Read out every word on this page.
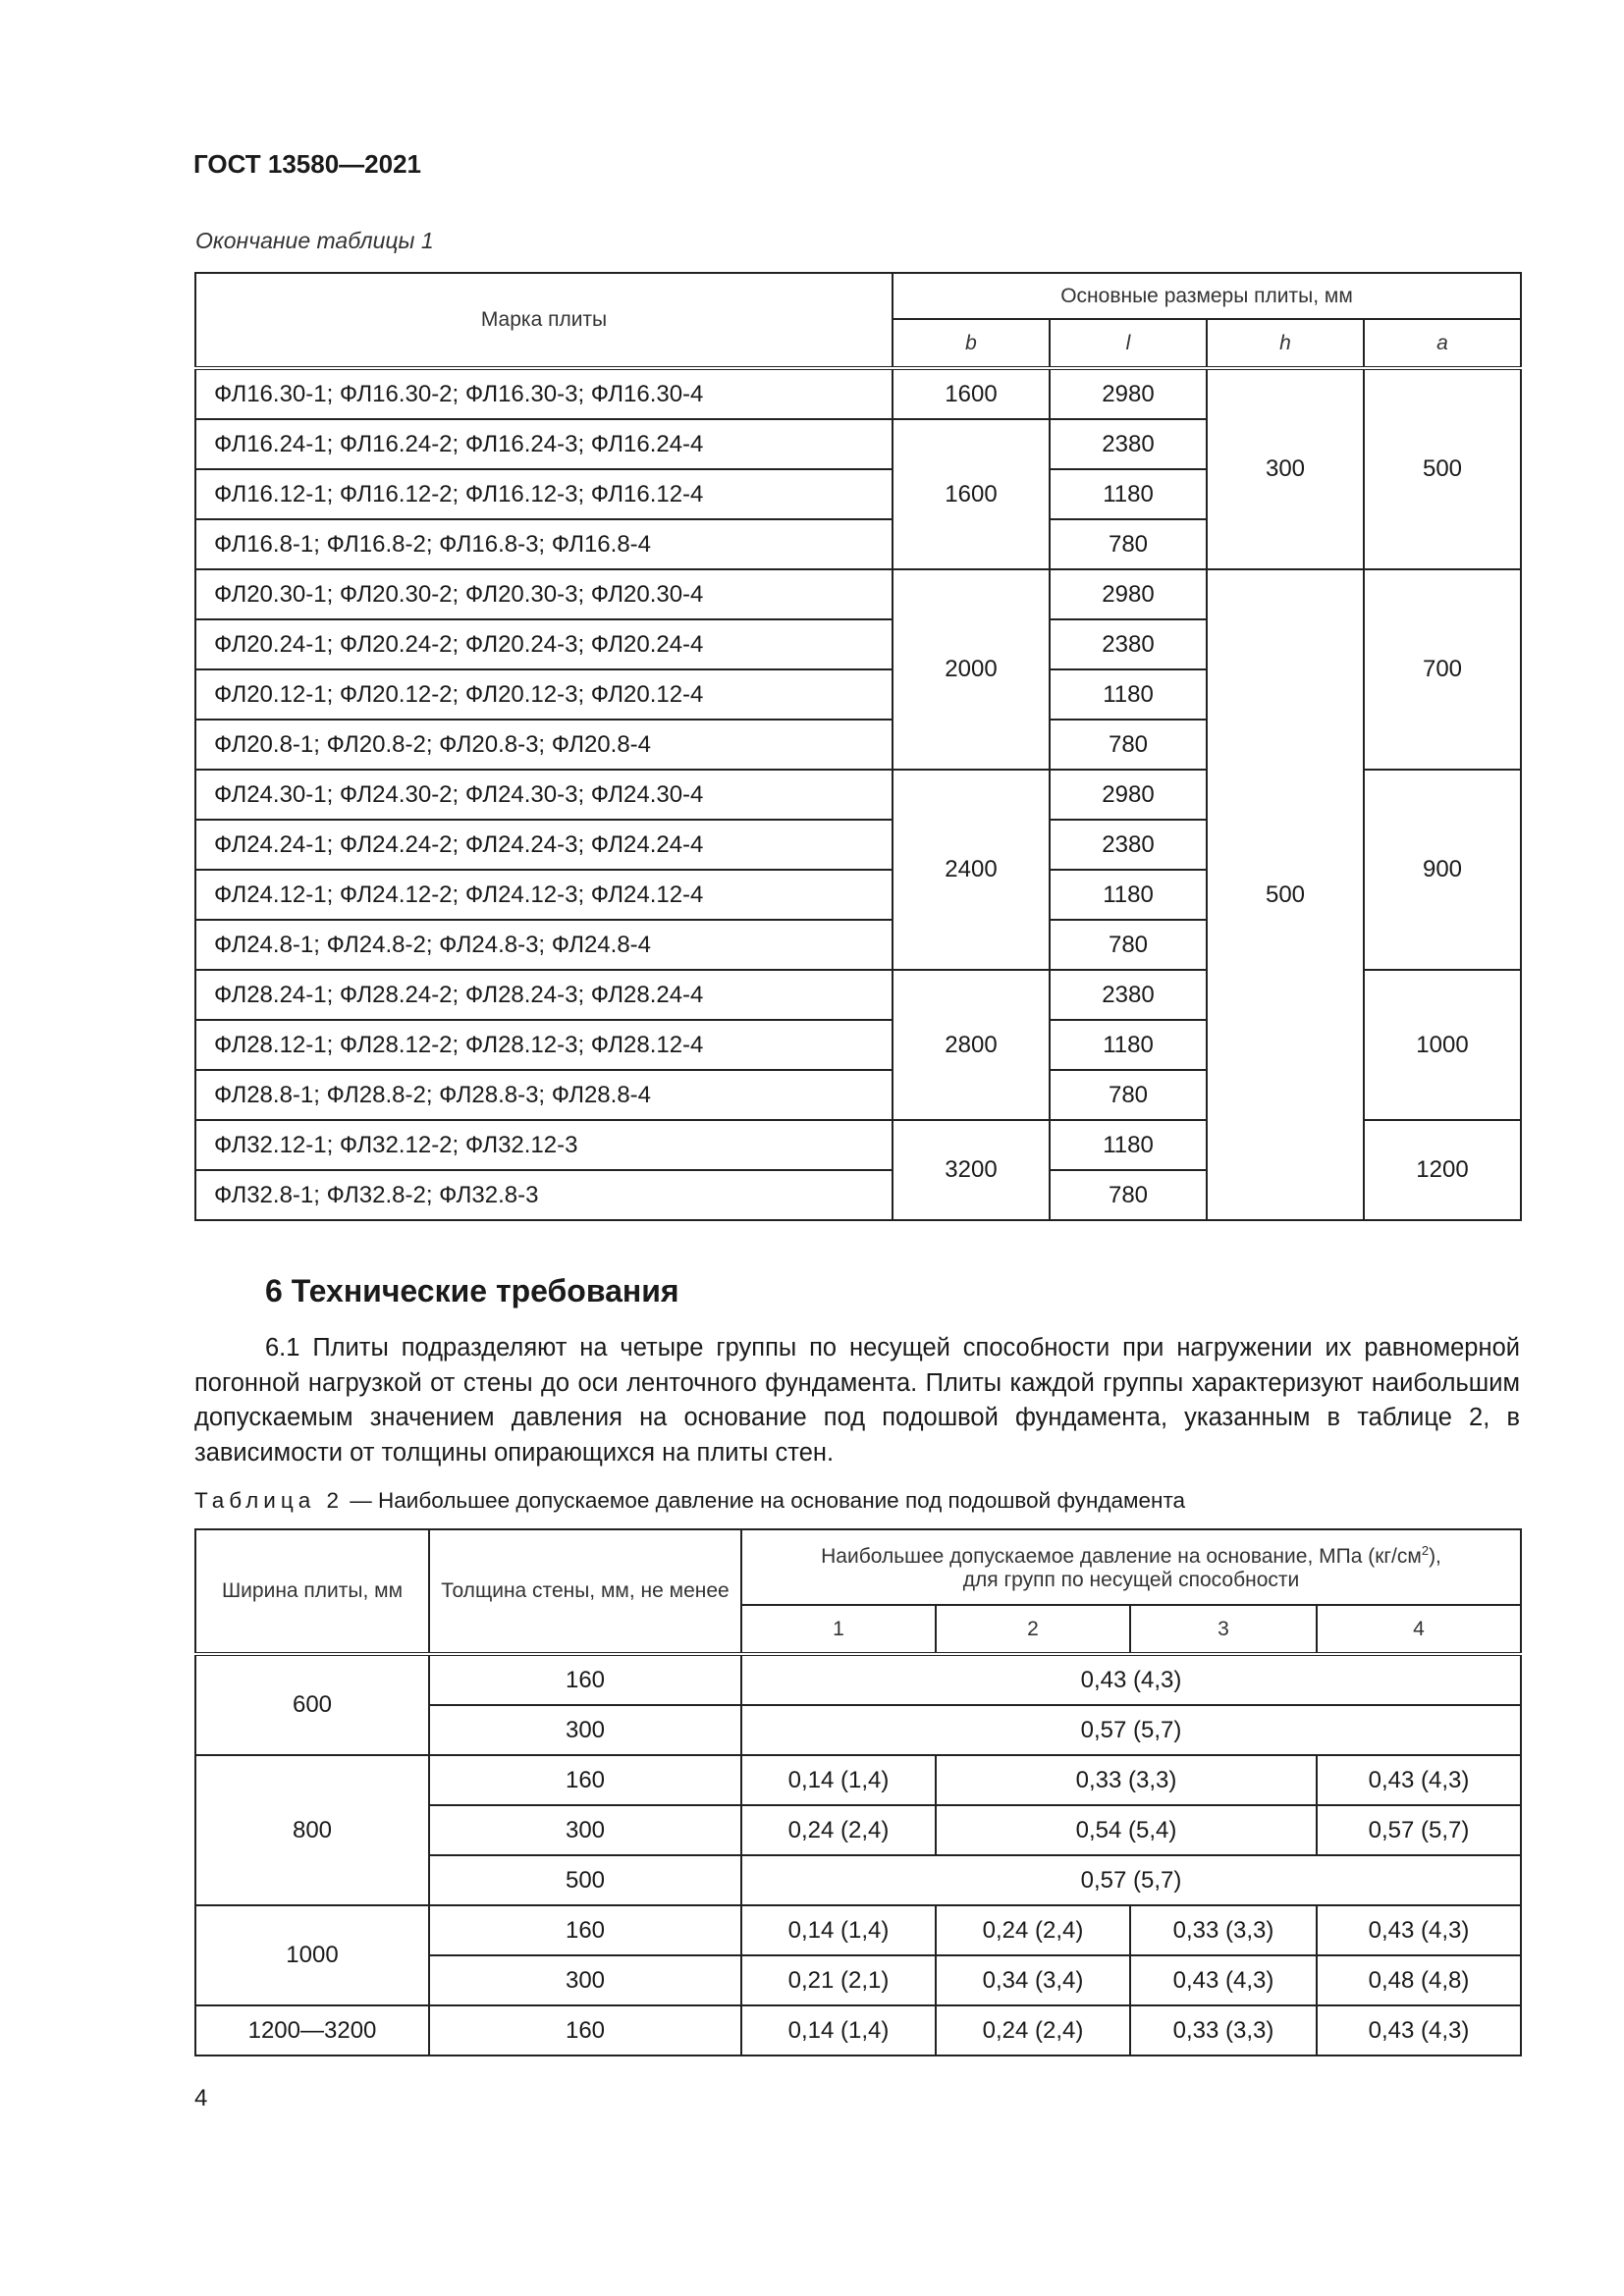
ГОСТ 13580—2021
Окончание таблицы 1
Марка плиты	Основные размеры плиты, мм			
	b	l	h	a
ФЛ16.30-1; ФЛ16.30-2; ФЛ16.30-3; ФЛ16.30-4	1600	2980	300	500
ФЛ16.24-1; ФЛ16.24-2; ФЛ16.24-3; ФЛ16.24-4	1600	2380		
ФЛ16.12-1; ФЛ16.12-2; ФЛ16.12-3; ФЛ16.12-4		1180		
ФЛ16.8-1; ФЛ16.8-2; ФЛ16.8-3; ФЛ16.8-4		780		
ФЛ20.30-1; ФЛ20.30-2; ФЛ20.30-3; ФЛ20.30-4	2000	2980	500	700
ФЛ20.24-1; ФЛ20.24-2; ФЛ20.24-3; ФЛ20.24-4		2380		
ФЛ20.12-1; ФЛ20.12-2; ФЛ20.12-3; ФЛ20.12-4		1180		
ФЛ20.8-1; ФЛ20.8-2; ФЛ20.8-3; ФЛ20.8-4		780		
ФЛ24.30-1; ФЛ24.30-2; ФЛ24.30-3; ФЛ24.30-4	2400	2980		900
ФЛ24.24-1; ФЛ24.24-2; ФЛ24.24-3; ФЛ24.24-4		2380		
ФЛ24.12-1; ФЛ24.12-2; ФЛ24.12-3; ФЛ24.12-4		1180		
ФЛ24.8-1; ФЛ24.8-2; ФЛ24.8-3; ФЛ24.8-4		780		
ФЛ28.24-1; ФЛ28.24-2; ФЛ28.24-3; ФЛ28.24-4	2800	2380		1000
ФЛ28.12-1; ФЛ28.12-2; ФЛ28.12-3; ФЛ28.12-4		1180		
ФЛ28.8-1; ФЛ28.8-2; ФЛ28.8-3; ФЛ28.8-4		780		
ФЛ32.12-1; ФЛ32.12-2; ФЛ32.12-3	3200	1180		1200
ФЛ32.8-1; ФЛ32.8-2; ФЛ32.8-3		780		
6 Технические требования

6.1 Плиты подразделяют на четыре группы по несущей способности при нагружении их равномерной погонной нагрузкой от стены до оси ленточного фундамента. Плиты каждой группы характеризуют наибольшим допускаемым значением давления на основание под подошвой фундамента, указанным в таблице 2, в зависимости от толщины опирающихся на плиты стен.

Таблица 2 — Наибольшее допускаемое давление на основание под подошвой фундамента
Ширина плиты, мм	Толщина стены, мм, не менее	Наибольшее допускаемое давление на основание, МПа $(кг/см^2)$,
для групп по несущей способности			
		1	2	3	4
600	160	0,43 (4,3)			
	300	0,57 (5,7)			
800	160	0,14 (1,4)	0,33 (3,3)		0,43 (4,3)
	300	0,24 (2,4)	0,54 (5,4)		0,57 (5,7)
	500	0,57 (5,7)			
1000	160	0,14 (1,4)	0,24 (2,4)	0,33 (3,3)	0,43 (4,3)
	300	0,21 (2,1)	0,34 (3,4)	0,43 (4,3)	0,48 (4,8)
1200—3200	160	0,14 (1,4)	0,24 (2,4)	0,33 (3,3)	0,43 (4,3)
4
